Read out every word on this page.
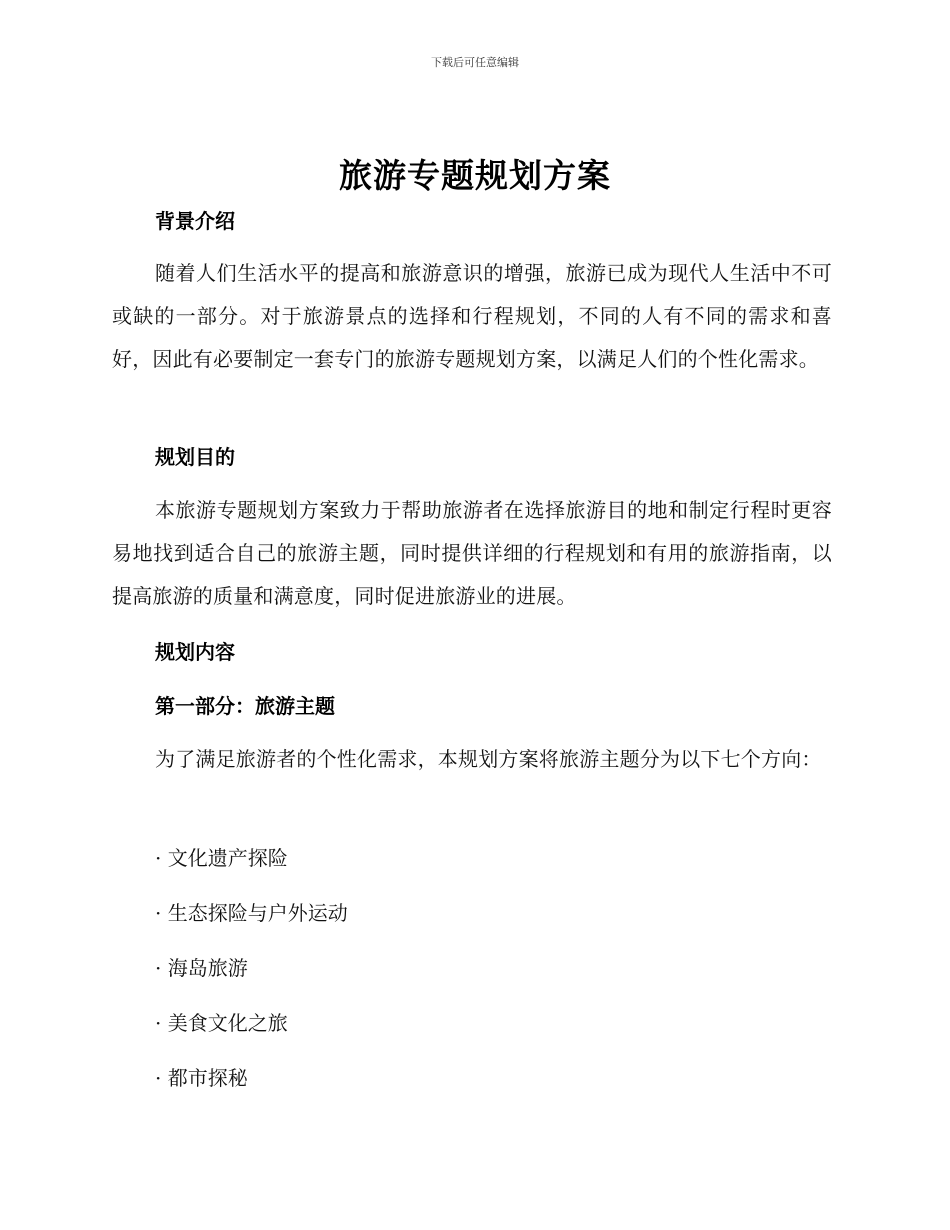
下载后可任意编辑
旅游专题规划方案
背景介绍
随着人们生活水平的提高和旅游意识的增强，旅游已成为现代人生活中不可或缺的一部分。对于旅游景点的选择和行程规划，不同的人有不同的需求和喜好，因此有必要制定一套专门的旅游专题规划方案，以满足人们的个性化需求。
规划目的
本旅游专题规划方案致力于帮助旅游者在选择旅游目的地和制定行程时更容易地找到适合自己的旅游主题，同时提供详细的行程规划和有用的旅游指南，以提高旅游的质量和满意度，同时促进旅游业的进展。
规划内容
第一部分：旅游主题
为了满足旅游者的个性化需求，本规划方案将旅游主题分为以下七个方向：
· 文化遗产探险
· 生态探险与户外运动
· 海岛旅游
· 美食文化之旅
· 都市探秘
